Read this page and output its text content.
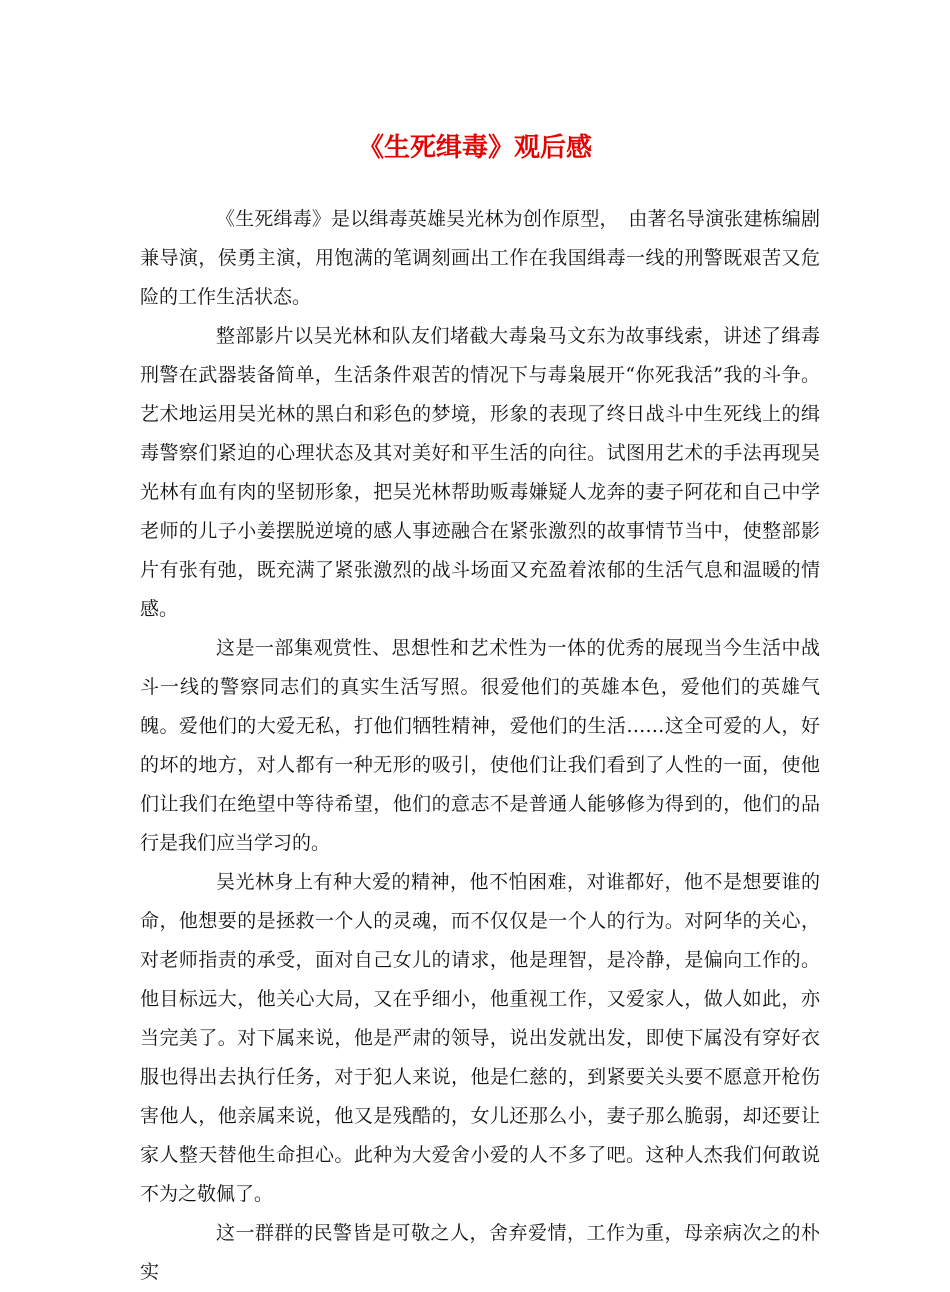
《生死缉毒》观后感

《生死缉毒》是以缉毒英雄吴光林为创作原型，　由著名导演张建栋编剧兼导演，侯勇主演，用饱满的笔调刻画出工作在我国缉毒一线的刑警既艰苦又危险的工作生活状态。

整部影片以吴光林和队友们堵截大毒枭马文东为故事线索，讲述了缉毒刑警在武器装备简单，生活条件艰苦的情况下与毒枭展开“你死我活”我的斗争。艺术地运用吴光林的黑白和彩色的梦境，形象的表现了终日战斗中生死线上的缉毒警察们紧迫的心理状态及其对美好和平生活的向往。试图用艺术的手法再现吴光林有血有肉的坚韧形象，把吴光林帮助贩毒嫌疑人龙奔的妻子阿花和自己中学老师的儿子小姜摆脱逆境的感人事迹融合在紧张激烈的故事情节当中，使整部影片有张有弛，既充满了紧张激烈的战斗场面又充盈着浓郁的生活气息和温暖的情感。

这是一部集观赏性、思想性和艺术性为一体的优秀的展现当今生活中战斗一线的警察同志们的真实生活写照。很爱他们的英雄本色，爱他们的英雄气魄。爱他们的大爱无私，打他们牺牲精神，爱他们的生活……这全可爱的人，好的坏的地方，对人都有一种无形的吸引，使他们让我们看到了人性的一面，使他们让我们在绝望中等待希望，他们的意志不是普通人能够修为得到的，他们的品行是我们应当学习的。

吴光林身上有种大爱的精神，他不怕困难，对谁都好，他不是想要谁的命，他想要的是拯救一个人的灵魂，而不仅仅是一个人的行为。对阿华的关心，对老师指责的承受，面对自己女儿的请求，他是理智，是冷静，是偏向工作的。他目标远大，他关心大局，又在乎细小，他重视工作，又爱家人，做人如此，亦当完美了。对下属来说，他是严肃的领导，说出发就出发，即使下属没有穿好衣服也得出去执行任务，对于犯人来说，他是仁慈的，到紧要关头要不愿意开枪伤害他人，他亲属来说，他又是残酷的，女儿还那么小，妻子那么脆弱，却还要让家人整天替他生命担心。此种为大爱舍小爱的人不多了吧。这种人杰我们何敢说不为之敬佩了。

这一群群的民警皆是可敬之人，舍弃爱情，工作为重，母亲病次之的朴实
